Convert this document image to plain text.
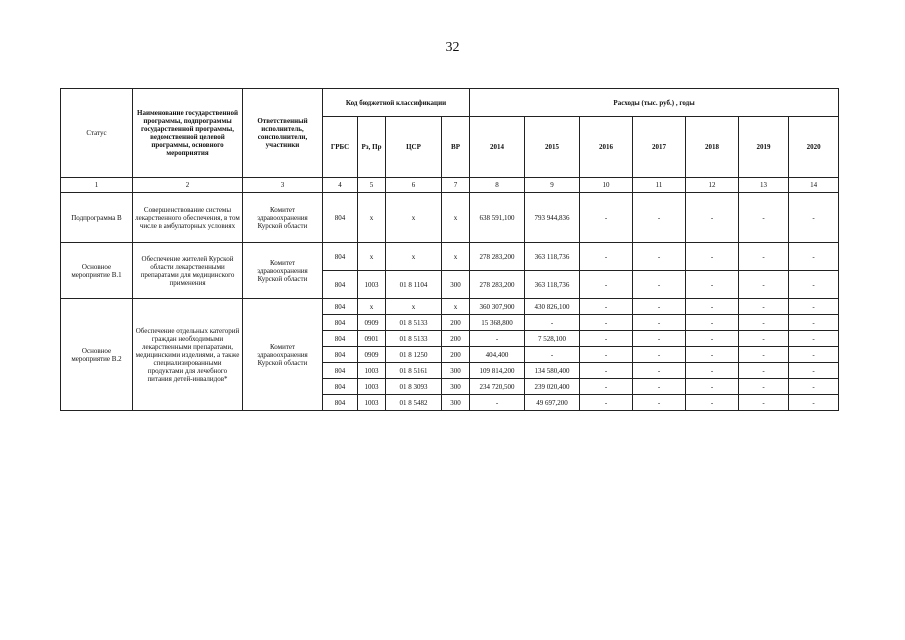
32
Статус	Наименование государственной программы, подпрограммы государственной программы, ведомственной целевой программы, основного мероприятия	Ответственный исполнитель, соисполнители, участники	Код бюджетной классификации				Расходы (тыс. руб.) , годы						
			ГРБС	Рз, Пр	ЦСР	ВР	2014	2015	2016	2017	2018	2019	2020
1	2	3	4	5	6	7	8	9	10	11	12	13	14
Подпрограмма В	Совершенствование системы лекарственного обеспечения, в том числе в амбулаторных условиях	Комитет здравоохранения Курской области	804	х	х	х	638 591,100	793 944,836	-	-	-	-	-
Основное мероприятие В.1	Обеспечение жителей Курской области лекарственными препаратами для медицинского применения	Комитет здравоохранения Курской области	804	х	х	х	278 283,200	363 118,736	-	-	-	-	-
			804	1003	01 8 1104	300	278 283,200	363 118,736	-	-	-	-	-
Основное мероприятие В.2	Обеспечение отдельных категорий граждан необходимыми лекарственными препаратами, медицинскими изделиями, а также специализированными продуктами для лечебного питания детей-инвалидов*	Комитет здравоохранения Курской области	804	х	х	х	360 307,900	430 826,100	-	-	-	-	-
			804	0909	01 8 5133	200	15 368,800	-	-	-	-	-	-
			804	0901	01 8 5133	200	-	7 528,100	-	-	-	-	-
			804	0909	01 8 1250	200	404,400	-	-	-	-	-	-
			804	1003	01 8 5161	300	109 814,200	134 580,400	-	-	-	-	-
			804	1003	01 8 3093	300	234 720,500	239 020,400	-	-	-	-	-
			804	1003	01 8 5482	300	-	49 697,200	-	-	-	-	-
